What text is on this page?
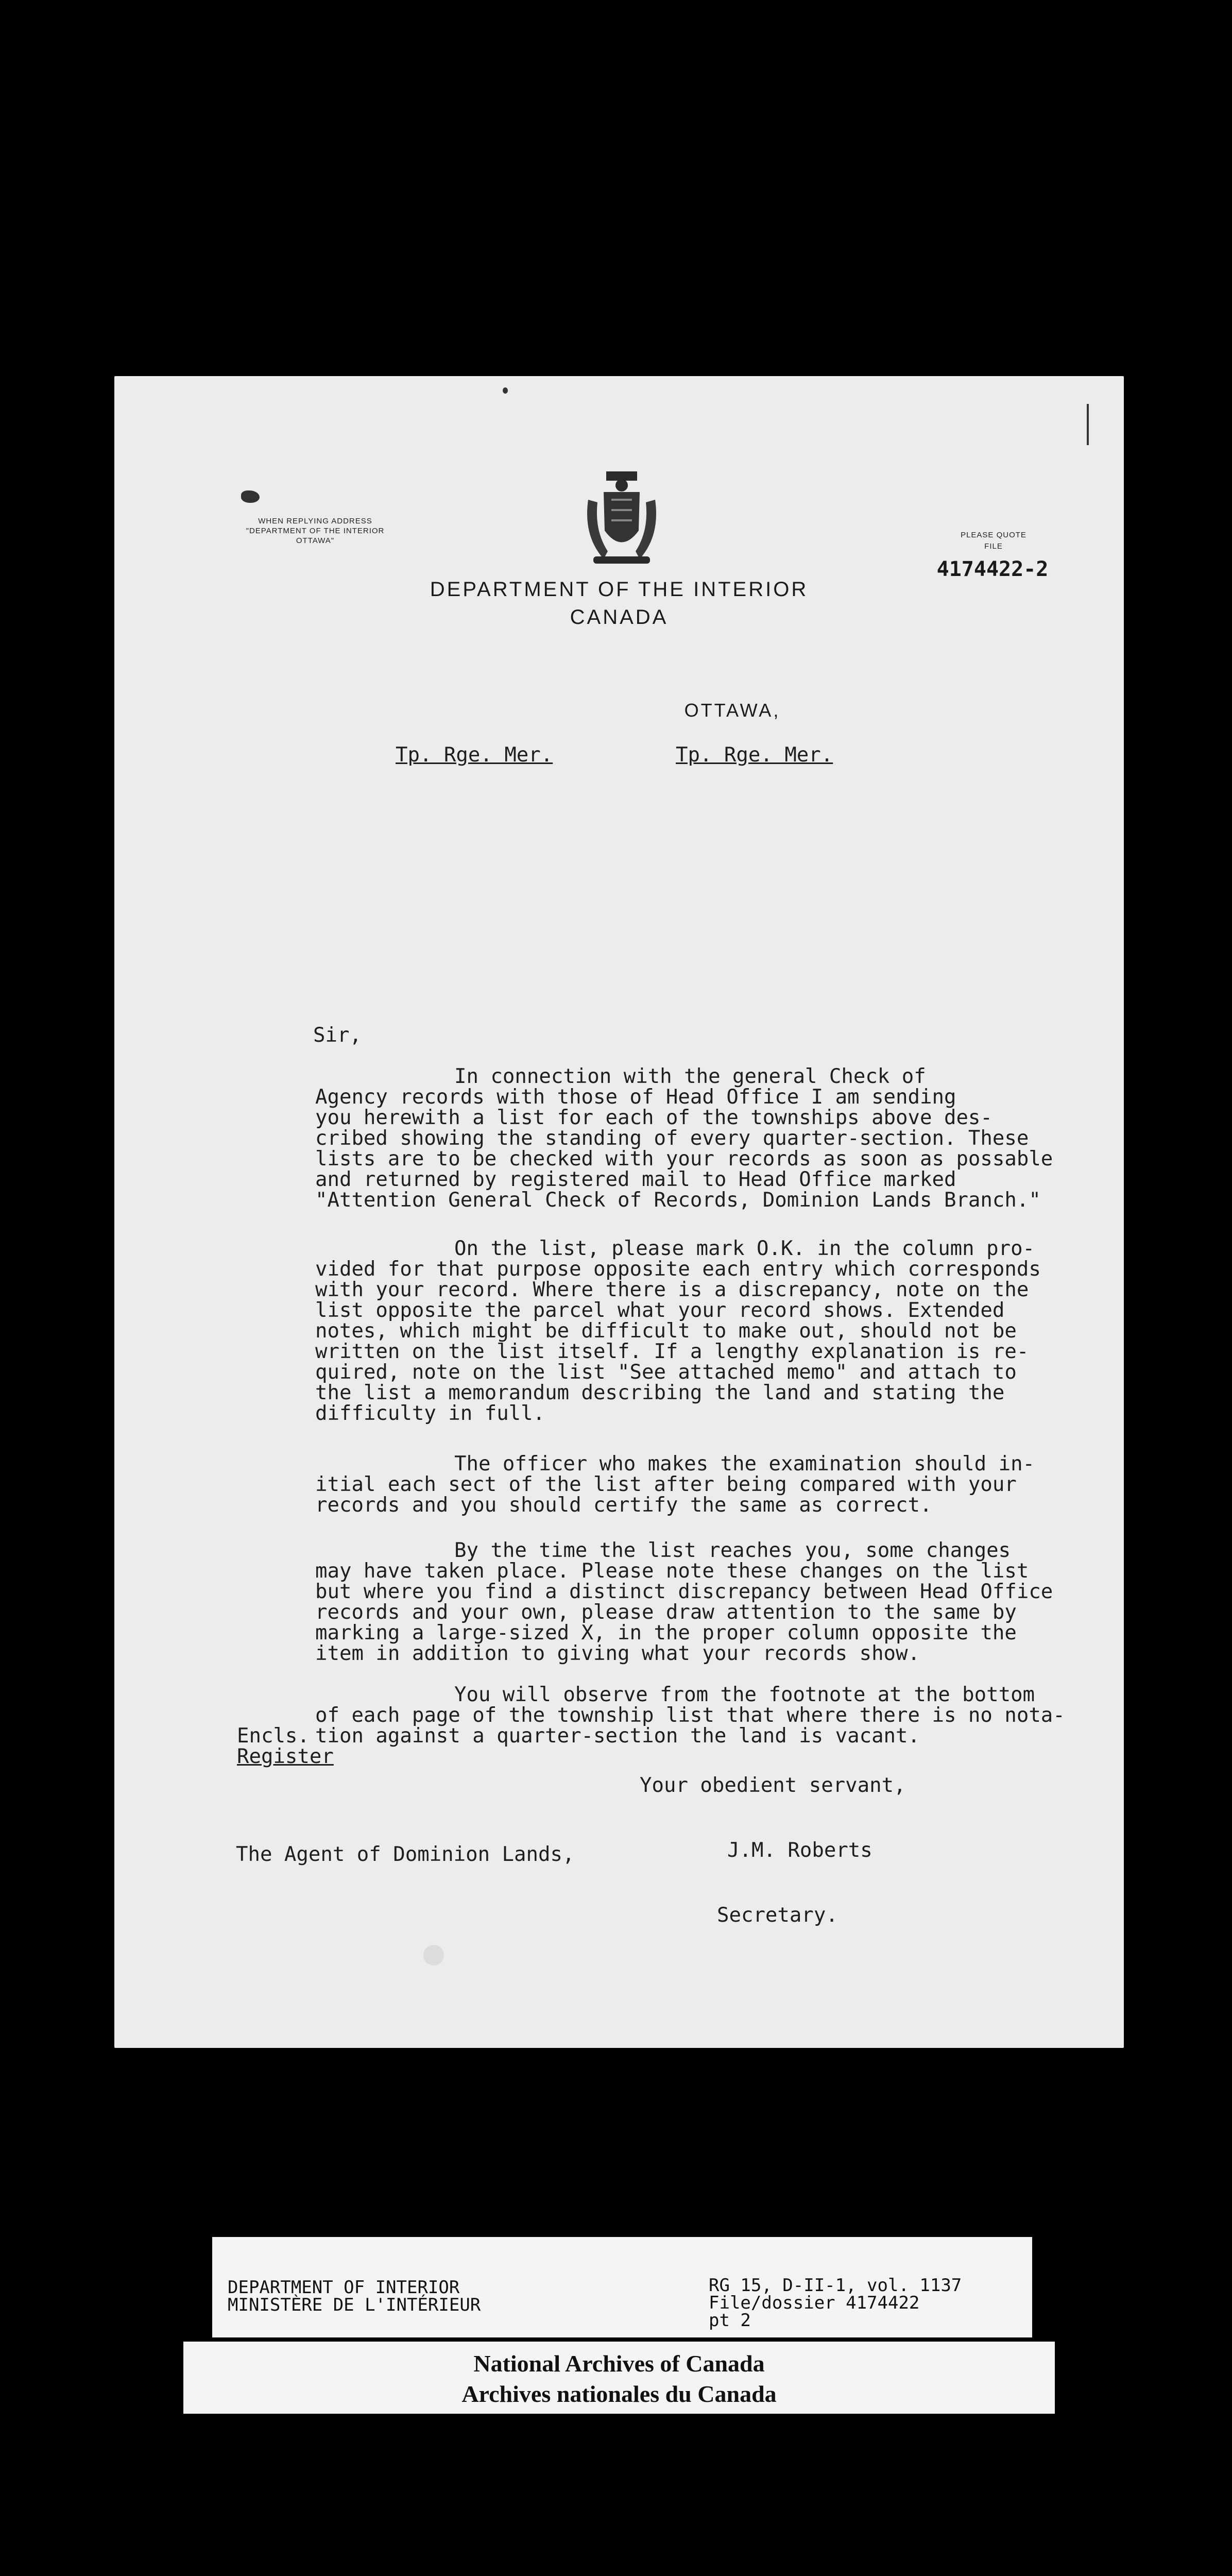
WHEN REPLYING ADDRESS
"DEPARTMENT OF THE INTERIOR
OTTAWA"
PLEASE QUOTE
FILE
4174422-2
DEPARTMENT OF THE INTERIOR
CANADA
OTTAWA,
Tp. Rge. Mer.	Tp. Rge. Mer.
Sir,
In connection with the general Check of
Agency records with those of Head Office I am sending
you herewith a list for each of the townships above des-
cribed showing the standing of every quarter-section. These
lists are to be checked with your records as soon as possable
and returned by registered mail to Head Office marked
"Attention General Check of Records, Dominion Lands Branch."
On the list, please mark O.K. in the column pro-
vided for that purpose opposite each entry which corresponds
with your record. Where there is a discrepancy, note on the
list opposite the parcel what your record shows. Extended
notes, which might be difficult to make out, should not be
written on the list itself. If a lengthy explanation is re-
quired, note on the list "See attached memo" and attach to
the list a memorandum describing the land and stating the
difficulty in full.
The officer who makes the examination should in-
itial each sect of the list after being compared with your
records and you should certify the same as correct.
By the time the list reaches you, some changes
may have taken place. Please note these changes on the list
but where you find a distinct discrepancy between Head Office
records and your own, please draw attention to the same by
marking a large-sized X, in the proper column opposite the
item in addition to giving what your records show.
You will observe from the footnote at the bottom
of each page of the township list that where there is no nota-
tion against a quarter-section the land is vacant.
Encls.
Register
Your obedient servant,
The Agent of Dominion Lands,	J.M. Roberts
Secretary.
DEPARTMENT OF INTERIOR
MINISTÈRE DE L'INTÉRIEUR
RG 15, D-II-1, vol. 1137
File/dossier 4174422
pt 2
National Archives of Canada
Archives nationales du Canada
